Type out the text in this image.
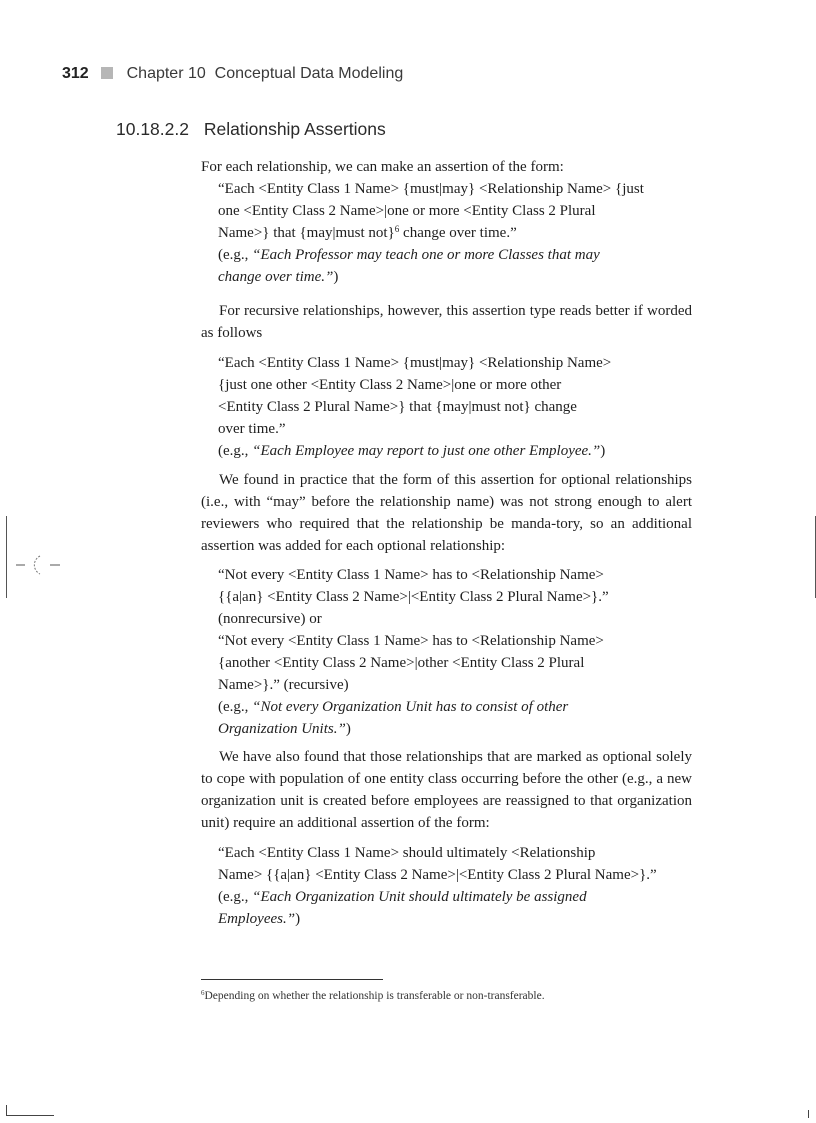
312 Chapter 10 Conceptual Data Modeling
10.18.2.2 Relationship Assertions

For each relationship, we can make an assertion of the form:

“Each <Entity Class 1 Name> {must|may} <Relationship Name> {just
one <Entity Class 2 Name>|one or more <Entity Class 2 Plural
Name>} that {may|must not}$^6$ change over time.”
(e.g., “Each Professor may teach one or more Classes that may
change over time.”)

For recursive relationships, however, this assertion type reads better if worded as follows

“Each <Entity Class 1 Name> {must|may} <Relationship Name>
{just one other <Entity Class 2 Name>|one or more other
<Entity Class 2 Plural Name>} that {may|must not} change
over time.”
(e.g., “Each Employee may report to just one other Employee.”)

We found in practice that the form of this assertion for optional relationships (i.e., with “may” before the relationship name) was not strong enough to alert reviewers who required that the relationship be manda-tory, so an additional assertion was added for each optional relationship:

“Not every <Entity Class 1 Name> has to <Relationship Name>
{{a|an} <Entity Class 2 Name>|<Entity Class 2 Plural Name>}.”
(nonrecursive) or
“Not every <Entity Class 1 Name> has to <Relationship Name>
{another <Entity Class 2 Name>|other <Entity Class 2 Plural
Name>}.” (recursive)
(e.g., “Not every Organization Unit has to consist of other
Organization Units.”)

We have also found that those relationships that are marked as optional solely to cope with population of one entity class occurring before the other (e.g., a new organization unit is created before employees are reassigned to that organization unit) require an additional assertion of the form:

“Each <Entity Class 1 Name> should ultimately <Relationship
Name> {{a|an} <Entity Class 2 Name>|<Entity Class 2 Plural Name>}.”
(e.g., “Each Organization Unit should ultimately be assigned
Employees.”)
$^6$Depending on whether the relationship is transferable or non-transferable.
